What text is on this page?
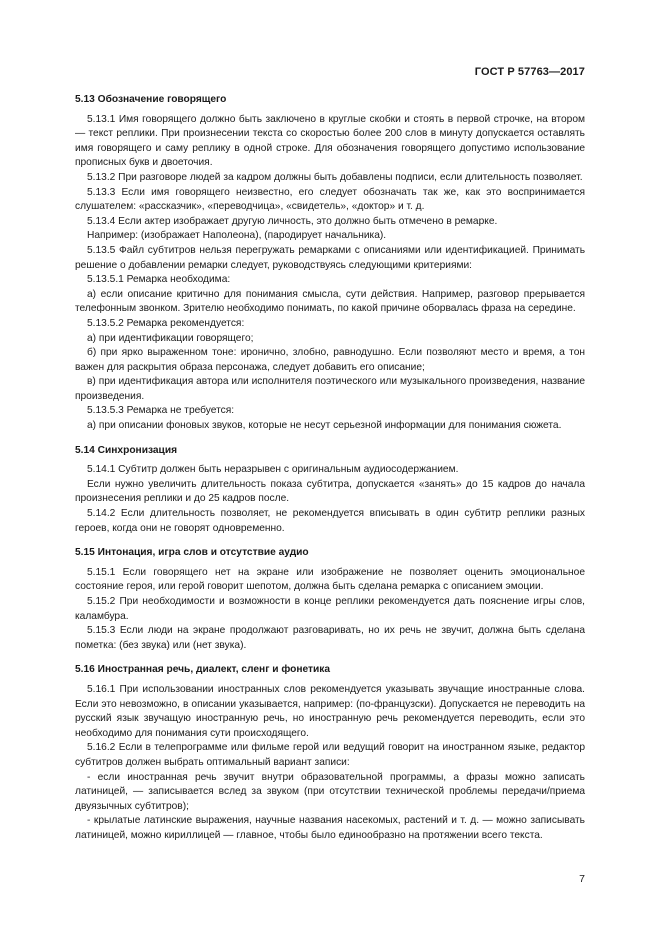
ГОСТ Р 57763—2017

5.13 Обозначение говорящего

5.13.1 Имя говорящего должно быть заключено в круглые скобки и стоять в первой строчке, на втором — текст реплики. При произнесении текста со скоростью более 200 слов в минуту допускается оставлять имя говорящего и саму реплику в одной строке. Для обозначения говорящего допустимо использование прописных букв и двоеточия.

5.13.2 При разговоре людей за кадром должны быть добавлены подписи, если длительность позволяет.

5.13.3 Если имя говорящего неизвестно, его следует обозначать так же, как это воспринимается слушателем: «рассказчик», «переводчица», «свидетель», «доктор» и т. д.

5.13.4 Если актер изображает другую личность, это должно быть отмечено в ремарке.

Например: (изображает Наполеона), (пародирует начальника).

5.13.5 Файл субтитров нельзя перегружать ремарками с описаниями или идентификацией. Принимать решение о добавлении ремарки следует, руководствуясь следующими критериями:

5.13.5.1 Ремарка необходима:

а) если описание критично для понимания смысла, сути действия. Например, разговор прерывается телефонным звонком. Зрителю необходимо понимать, по какой причине оборвалась фраза на середине.

5.13.5.2 Ремарка рекомендуется:

а) при идентификации говорящего;

б) при ярко выраженном тоне: иронично, злобно, равнодушно. Если позволяют место и время, а тон важен для раскрытия образа персонажа, следует добавить его описание;

в) при идентификация автора или исполнителя поэтического или музыкального произведения, название произведения.

5.13.5.3 Ремарка не требуется:

а) при описании фоновых звуков, которые не несут серьезной информации для понимания сюжета.

5.14 Синхронизация

5.14.1 Субтитр должен быть неразрывен с оригинальным аудиосодержанием.

Если нужно увеличить длительность показа субтитра, допускается «занять» до 15 кадров до начала произнесения реплики и до 25 кадров после.

5.14.2 Если длительность позволяет, не рекомендуется вписывать в один субтитр реплики разных героев, когда они не говорят одновременно.

5.15 Интонация, игра слов и отсутствие аудио

5.15.1 Если говорящего нет на экране или изображение не позволяет оценить эмоциональное состояние героя, или герой говорит шепотом, должна быть сделана ремарка с описанием эмоции.

5.15.2 При необходимости и возможности в конце реплики рекомендуется дать пояснение игры слов, каламбура.

5.15.3 Если люди на экране продолжают разговаривать, но их речь не звучит, должна быть сделана пометка: (без звука) или (нет звука).

5.16 Иностранная речь, диалект, сленг и фонетика

5.16.1 При использовании иностранных слов рекомендуется указывать звучащие иностранные слова. Если это невозможно, в описании указывается, например: (по-французски). Допускается не переводить на русский язык звучащую иностранную речь, но иностранную речь рекомендуется переводить, если это необходимо для понимания сути происходящего.

5.16.2 Если в телепрограмме или фильме герой или ведущий говорит на иностранном языке, редактор субтитров должен выбрать оптимальный вариант записи:

- если иностранная речь звучит внутри образовательной программы, а фразы можно записать латиницей, — записывается вслед за звуком (при отсутствии технической проблемы передачи/приема двуязычных субтитров);

- крылатые латинские выражения, научные названия насекомых, растений и т. д. — можно записывать латиницей, можно кириллицей — главное, чтобы было единообразно на протяжении всего текста.

7
